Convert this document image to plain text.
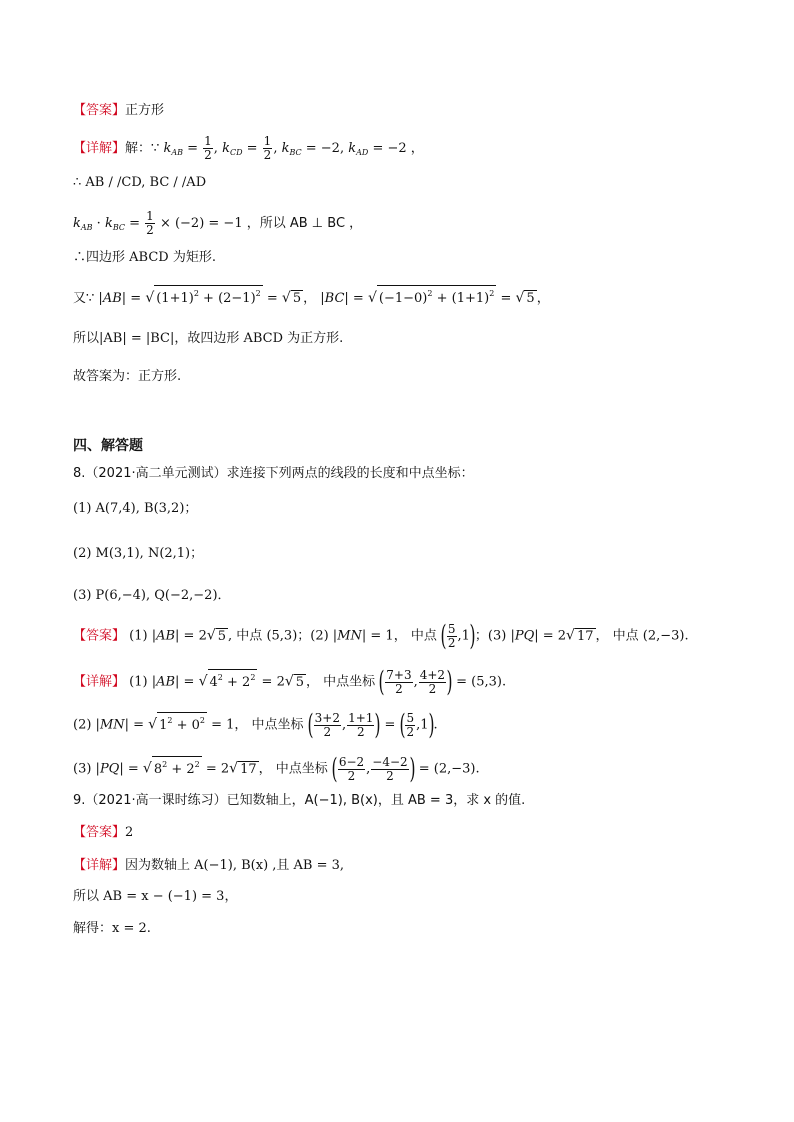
【答案】正方形
【详解】解：∵ $k_{AB} = \frac{1}{2}$ , $k_{CD} = \frac{1}{2}$ , $k_{BC} = -2$, $k_{AD} = -2$ ，
∴ AB / /CD, BC / /AD
$k_{AB} \cdot k_{BC} = \frac{1}{2} \times (-2) = -1$ ，所以 AB ⊥ BC ，
∴四边形 ABCD 为矩形.
又∵ |AB| = √ $(1+1)^2 + (2-1)^2$ = √ 5 ， |BC| = √ $(-1-0)^2 + (1+1)^2$ = √ 5 ，
所以|AB| = |BC|，故四边形 ABCD 为正方形.
故答案为：正方形.
四、解答题
8.（2021·高二单元测试）求连接下列两点的线段的长度和中点坐标：
(1) A(7,4), B(3,2)；
(2) M(3,1), N(2,1)；
(3) P(6,−4), Q(−2,−2)．
【答案】 (1) |AB| = 2√ 5 , 中点 (5,3)；(2) |MN| = 1， 中点 ( $\frac{5}{2} ,1$)；(3) |PQ| = 2√ 17 ， 中点 (2,−3).
【详解】 (1) |AB| = √ $4^2 + 2^2 = 2√$ 5 ， 中点坐标 ( $\frac{7+3}{2}$ , $\frac{4+2}{2}$ ) = (5,3).
(2) |MN| = √ $1^2 + 0^2 = 1$， 中点坐标 ( $\frac{3+2}{2}$ , $\frac{1+1}{2}$ ) = ( $\frac{5}{2} ,1$).
(3) |PQ| = √ $8^2 + 2^2 = 2√$ 17 ， 中点坐标 ( $\frac{6-2}{2}$ , $\frac{-4-2}{2}$ ) = (2,−3).
9.（2021·高一课时练习）已知数轴上，A(−1), B(x)，且 AB = 3，求 x 的值.
【答案】2
【详解】因为数轴上 A(−1), B(x) ,且 AB = 3,
所以 AB = x − (−1) = 3，
解得：x = 2.
